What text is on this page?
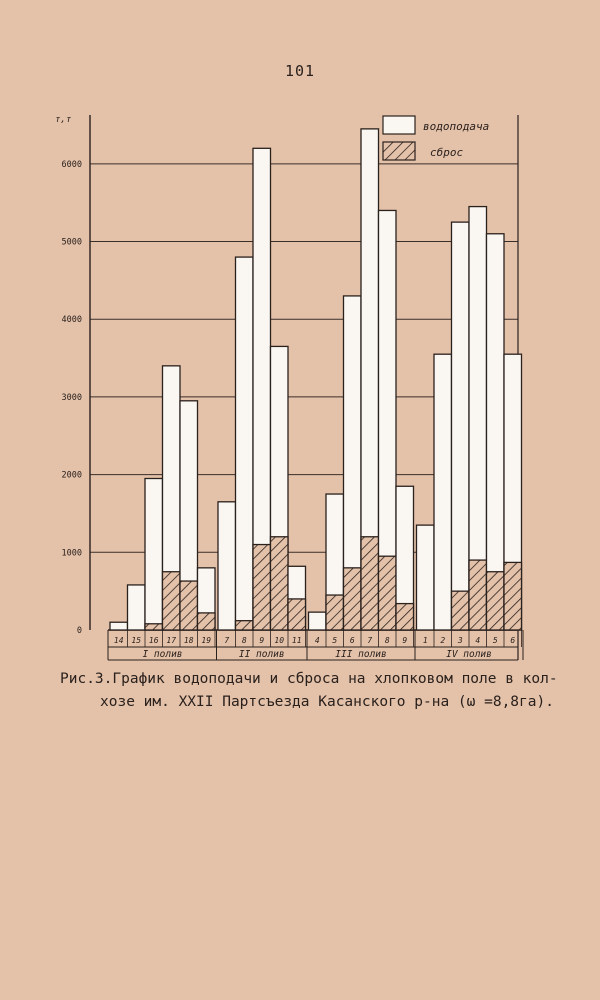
101
0
1000
2000
3000
4000
5000
6000
т,т
14 15 16 17 18 19
I полив
7 8 9 10 11
II полив
4 5 6 7 8 9
III полив
1 2 3 4 5 6
IV полив
водоподача
сброс
Рис.3.График водоподачи и сброса на хлопковом поле в кол-
хозе им. XXII Партсъезда Касанского р-на (ω =8,8га).
